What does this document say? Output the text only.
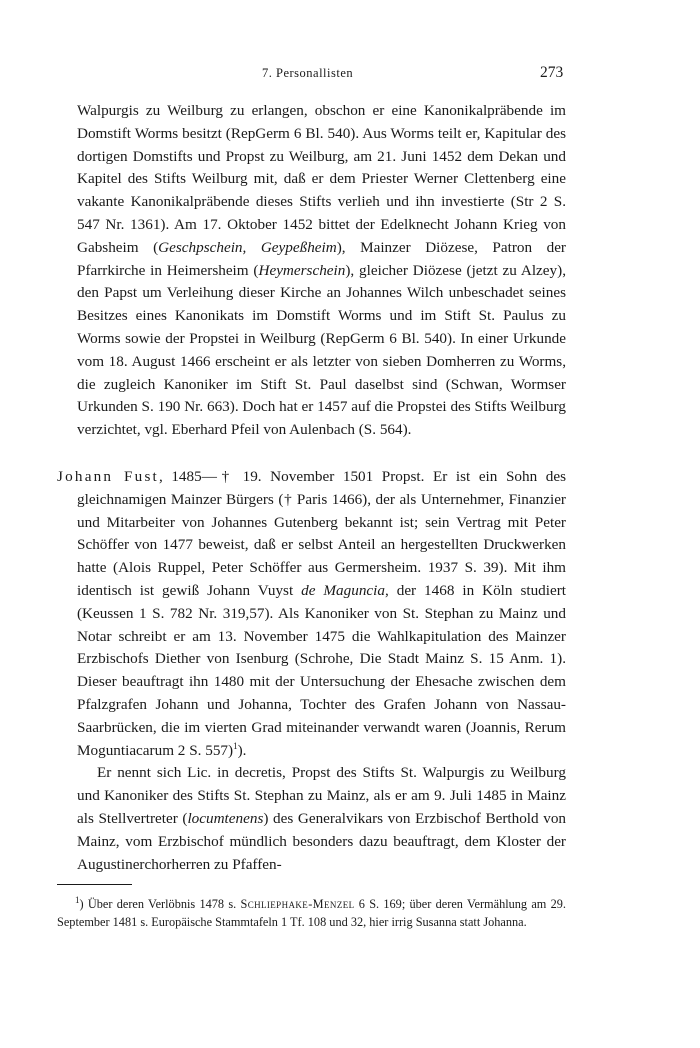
7. Personallisten	273

Walpurgis zu Weilburg zu erlangen, obschon er eine Kanonikalpräbende im Domstift Worms besitzt (RepGerm 6 Bl. 540). Aus Worms teilt er, Kapitular des dortigen Domstifts und Propst zu Weilburg, am 21. Juni 1452 dem Dekan und Kapitel des Stifts Weilburg mit, daß er dem Priester Werner Clettenberg eine vakante Kanonikalpräbende dieses Stifts verlieh und ihn investierte (Str 2 S. 547 Nr. 1361). Am 17. Oktober 1452 bittet der Edelknecht Johann Krieg von Gabsheim (Geschpschein, Geypeßheim), Mainzer Diözese, Patron der Pfarrkirche in Heimersheim (Heymerschein), gleicher Diözese (jetzt zu Alzey), den Papst um Verleihung dieser Kirche an Johannes Wilch unbeschadet seines Besitzes eines Kanonikats im Domstift Worms und im Stift St. Paulus zu Worms sowie der Propstei in Weilburg (RepGerm 6 Bl. 540). In einer Urkunde vom 18. August 1466 erscheint er als letzter von sieben Domherren zu Worms, die zugleich Kanoniker im Stift St. Paul daselbst sind (Schwan, Wormser Urkunden S. 190 Nr. 663). Doch hat er 1457 auf die Propstei des Stifts Weilburg verzichtet, vgl. Eberhard Pfeil von Aulenbach (S. 564).

Johann Fust, 1485—† 19. November 1501 Propst. Er ist ein Sohn des gleichnamigen Mainzer Bürgers († Paris 1466), der als Unternehmer, Finanzier und Mitarbeiter von Johannes Gutenberg bekannt ist; sein Vertrag mit Peter Schöffer von 1477 beweist, daß er selbst Anteil an hergestellten Druckwerken hatte (Alois Ruppel, Peter Schöffer aus Germersheim. 1937 S. 39). Mit ihm identisch ist gewiß Johann Vuyst de Maguncia, der 1468 in Köln studiert (Keussen 1 S. 782 Nr. 319,57). Als Kanoniker von St. Stephan zu Mainz und Notar schreibt er am 13. November 1475 die Wahlkapitulation des Mainzer Erzbischofs Diether von Isenburg (Schrohe, Die Stadt Mainz S. 15 Anm. 1). Dieser beauftragt ihn 1480 mit der Untersuchung der Ehesache zwischen dem Pfalzgrafen Johann und Johanna, Tochter des Grafen Johann von Nassau-Saarbrücken, die im vierten Grad miteinander verwandt waren (Joannis, Rerum Moguntiacarum 2 S. 557)$^1$).

Er nennt sich Lic. in decretis, Propst des Stifts St. Walpurgis zu Weilburg und Kanoniker des Stifts St. Stephan zu Mainz, als er am 9. Juli 1485 in Mainz als Stellvertreter (locumtenens) des Generalvikars von Erzbischof Berthold von Mainz, vom Erzbischof mündlich besonders dazu beauftragt, dem Kloster der Augustinerchorherren zu Pfaffen-

$^1$) Über deren Verlöbnis 1478 s. Schliephake-Menzel 6 S. 169; über deren Vermählung am 29. September 1481 s. Europäische Stammtafeln 1 Tf. 108 und 32, hier irrig Susanna statt Johanna.
